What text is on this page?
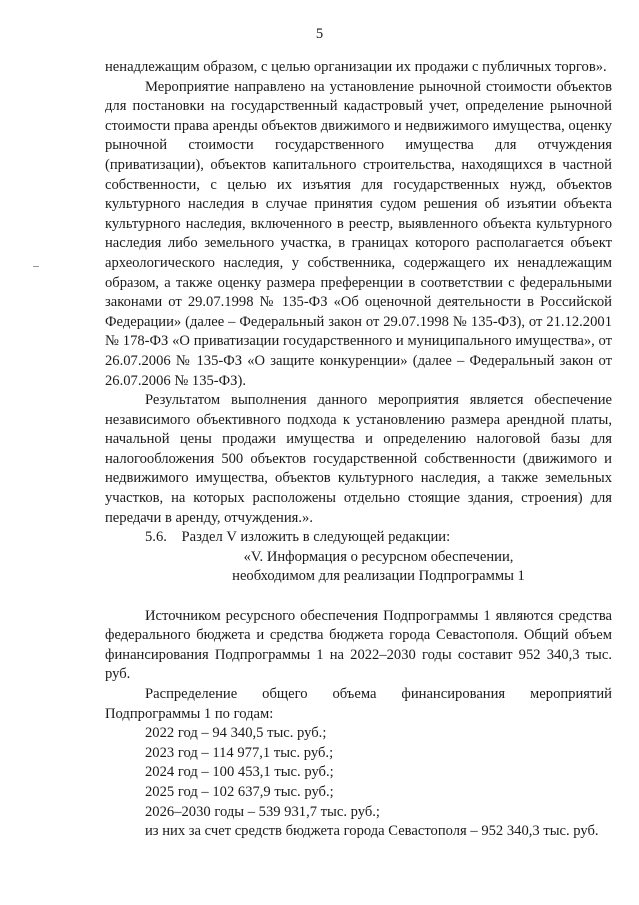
5

ненадлежащим образом, с целью организации их продажи с публичных торгов».

Мероприятие направлено на установление рыночной стоимости объектов для постановки на государственный кадастровый учет, определение рыночной стоимости права аренды объектов движимого и недвижимого имущества, оценку рыночной стоимости государственного имущества для отчуждения (приватизации), объектов капитального строительства, находящихся в частной собственности, с целью их изъятия для государственных нужд, объектов культурного наследия в случае принятия судом решения об изъятии объекта культурного наследия, включенного в реестр, выявленного объекта культурного наследия либо земельного участка, в границах которого располагается объект археологического наследия, у собственника, содержащего их ненадлежащим образом, а также оценку размера преференции в соответствии с федеральными законами от 29.07.1998 № 135-ФЗ «Об оценочной деятельности в Российской Федерации» (далее – Федеральный закон от 29.07.1998 № 135-ФЗ), от 21.12.2001 № 178-ФЗ «О приватизации государственного и муниципального имущества», от 26.07.2006 № 135-ФЗ «О защите конкуренции» (далее – Федеральный закон от 26.07.2006 № 135-ФЗ).

Результатом выполнения данного мероприятия является обеспечение независимого объективного подхода к установлению размера арендной платы, начальной цены продажи имущества и определению налоговой базы для налогообложения 500 объектов государственной собственности (движимого и недвижимого имущества, объектов культурного наследия, а также земельных участков, на которых расположены отдельно стоящие здания, строения) для передачи в аренду, отчуждения.».

5.6. Раздел V изложить в следующей редакции:

«V. Информация о ресурсном обеспечении,

необходимом для реализации Подпрограммы 1

Источником ресурсного обеспечения Подпрограммы 1 являются средства федерального бюджета и средства бюджета города Севастополя. Общий объем финансирования Подпрограммы 1 на 2022–2030 годы составит 952 340,3 тыс. руб.

Распределение общего объема финансирования мероприятий Подпрограммы 1 по годам:

2022 год – 94 340,5 тыс. руб.;

2023 год – 114 977,1 тыс. руб.;

2024 год – 100 453,1 тыс. руб.;

2025 год – 102 637,9 тыс. руб.;

2026–2030 годы – 539 931,7 тыс. руб.;

из них за счет средств бюджета города Севастополя – 952 340,3 тыс. руб.
